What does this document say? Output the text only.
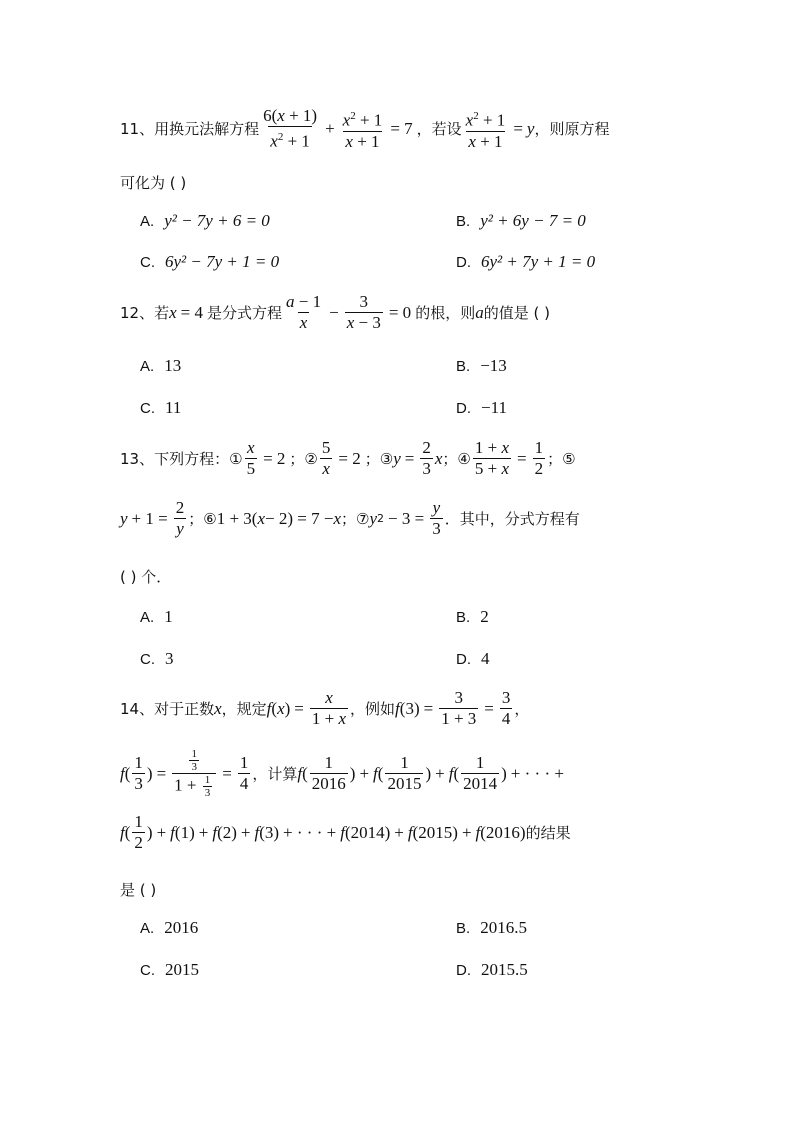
11、 用换元法解方程 $\frac{6(x + 1)}{x^2 + 1} + \frac{x^2 + 1}{x + 1} = 7$ ，若设 $\frac{x^2 + 1}{x + 1} = y$ ，则原方程
可化为 ( )
A. y² − 7y + 6 = 0	B. y² + 6y − 7 = 0
C. 6y² − 7y + 1 = 0	D. 6y² + 7y + 1 = 0
12、 若 x = 4 是分式方程 $\frac{a - 1}{x} - \frac{3}{x - 3} = 0$ 的根，则 a 的值是 ( )
A. 13	B. −13
C. 11	D. −11
13、 下列方程： ① $\frac{x}{5} = 2$ ； ② $\frac{5}{x} = 2$ ； ③ $y = \frac{2}{3}$ x ； ④ $\frac{1 + x}{5 + x} = \frac{1}{2}$ ； ⑤
$y + 1 = \frac{2}{y}$ ； ⑥ 1 + 3( x − 2) = 7 − x ； ⑦ y $2 - 3 = \frac{y}{3}$ ．其中，分式方程有
( ) 个．
A. 1	B. 2
C. 3	D. 4
14、 对于正数 x ，规定 f ( x ) = $\frac{x}{1 + x}$ ，例如 f $(3) = \frac{3}{1 + 3} = \frac{3}{4}$ ，
f ( $\frac{1}{3}$ ) = $\frac{\frac{1}{3}}{1 + \frac{1}{3}} = \frac{1}{4}$ ，计算 f ( $\frac{1}{2016}$ ) + f ( $\frac{1}{2015}$ ) + f ( $\frac{1}{2014}$ ) + · · · +
f ( $\frac{1}{2}$ ) + f (1) + f (2) + f (3) + · · · + f (2014) + f (2015) + f (2016) 的结果
是 ( )
A. 2016	B. 2016.5
C. 2015	D. 2015.5
